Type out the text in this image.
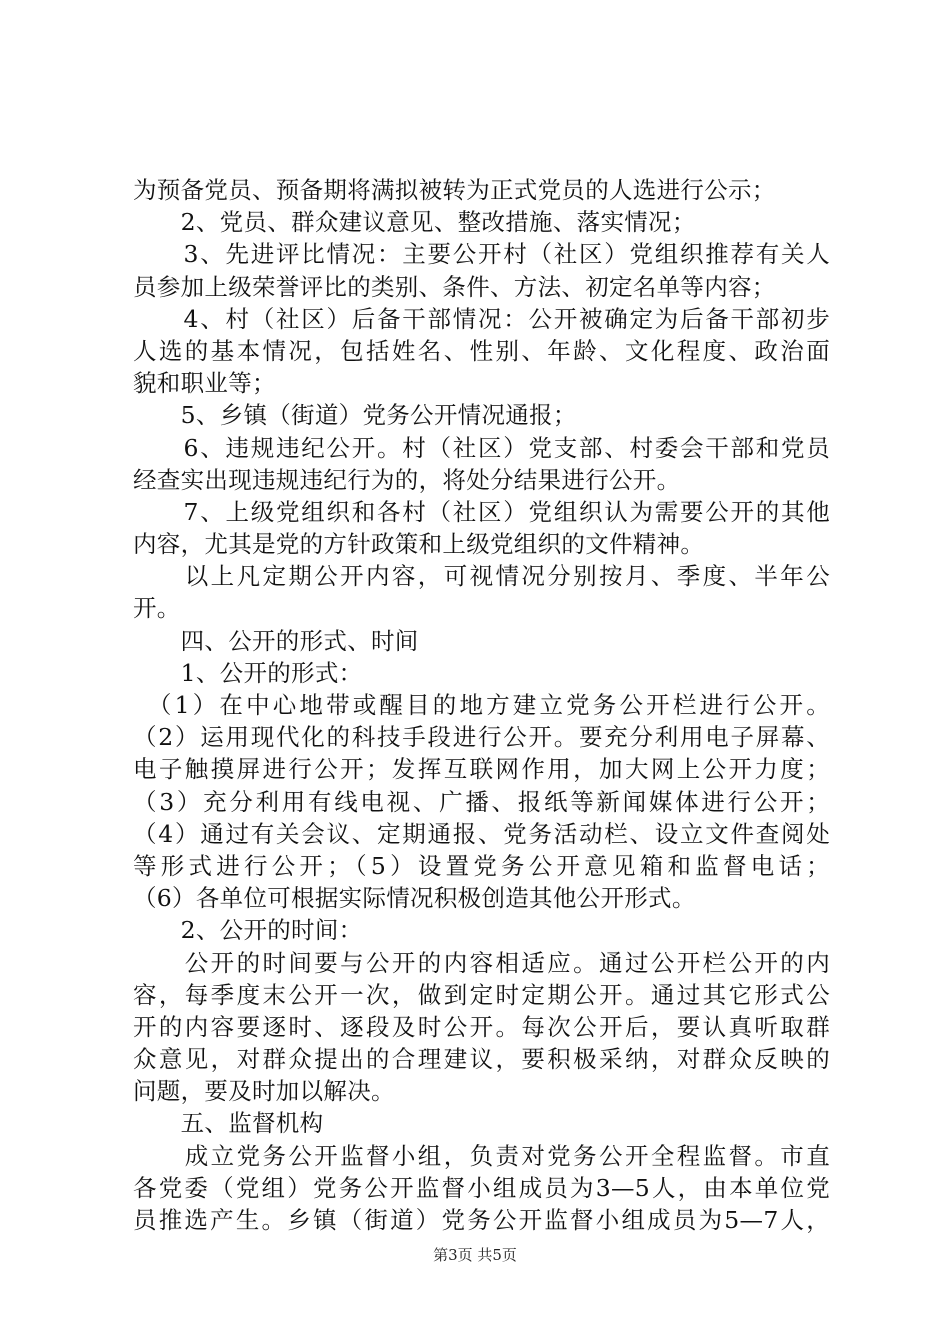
为预备党员、预备期将满拟被转为正式党员的人选进行公示；
　　2、党员、群众建议意见、整改措施、落实情况；
　　3、先进评比情况：主要公开村（社区）党组织推荐有关人
员参加上级荣誉评比的类别、条件、方法、初定名单等内容；
　　4、村（社区）后备干部情况：公开被确定为后备干部初步
人选的基本情况，包括姓名、性别、年龄、文化程度、政治面
貌和职业等；
　　5、乡镇（街道）党务公开情况通报；
　　6、违规违纪公开。村（社区）党支部、村委会干部和党员
经查实出现违规违纪行为的，将处分结果进行公开。
　　7、上级党组织和各村（社区）党组织认为需要公开的其他
内容，尤其是党的方针政策和上级党组织的文件精神。
　　以上凡定期公开内容，可视情况分别按月、季度、半年公
开。
　　四、公开的形式、时间
　　1、公开的形式：
　（1）在中心地带或醒目的地方建立党务公开栏进行公开。
（2）运用现代化的科技手段进行公开。要充分利用电子屏幕、
电子触摸屏进行公开；发挥互联网作用，加大网上公开力度；
（3）充分利用有线电视、广播、报纸等新闻媒体进行公开；
（4）通过有关会议、定期通报、党务活动栏、设立文件查阅处
等形式进行公开；（5）设置党务公开意见箱和监督电话；
（6）各单位可根据实际情况积极创造其他公开形式。
　　2、公开的时间：
　　公开的时间要与公开的内容相适应。通过公开栏公开的内
容，每季度末公开一次，做到定时定期公开。通过其它形式公
开的内容要逐时、逐段及时公开。每次公开后，要认真听取群
众意见，对群众提出的合理建议，要积极采纳，对群众反映的
问题，要及时加以解决。
　　五、监督机构
　　成立党务公开监督小组，负责对党务公开全程监督。市直
各党委（党组）党务公开监督小组成员为3—5人，由本单位党
员推选产生。乡镇（街道）党务公开监督小组成员为5—7人，
第3页 共5页
